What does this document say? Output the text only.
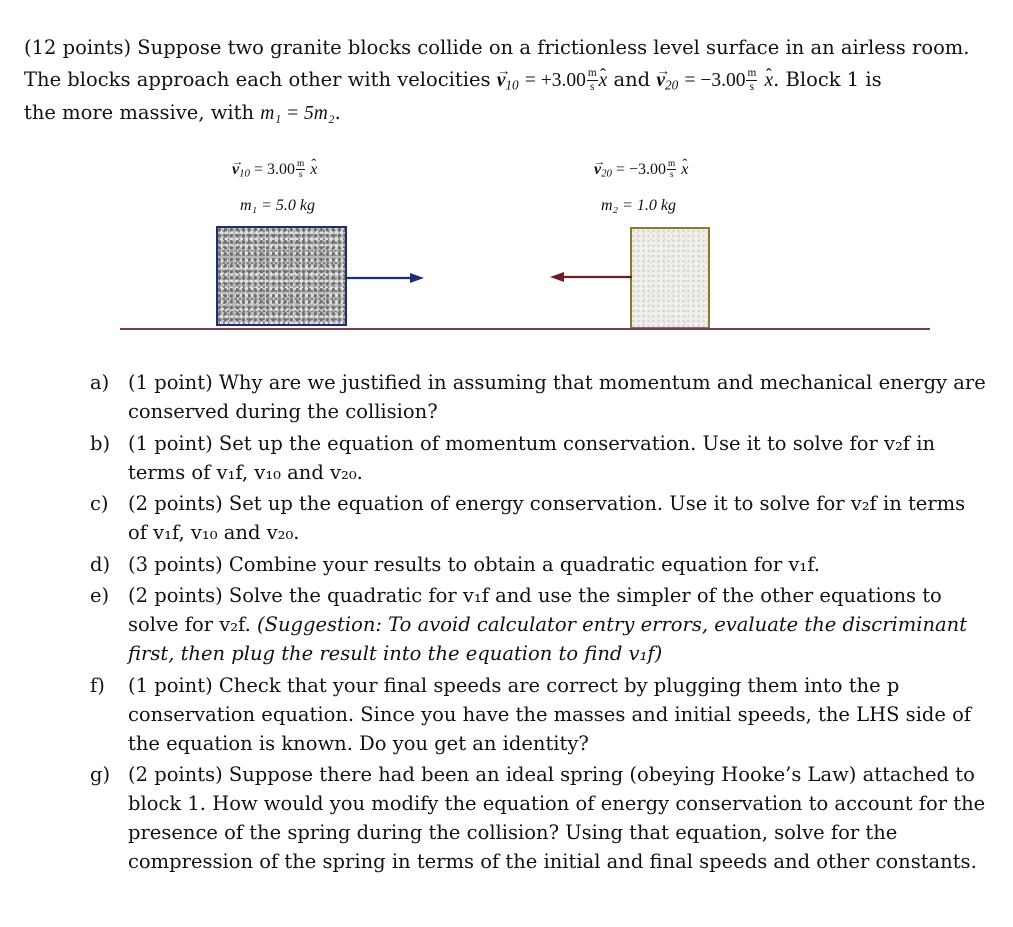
(12 points) Suppose two granite blocks collide on a frictionless level surface in an airless room.
The blocks approach each other with velocities → $v_{10} = +3.00 \frac{m}{s}$ ˆ x and → $v_{20} = -3.00 \frac{m}{s}$ ˆ x. Block 1 is
the more massive, with m₁ = 5m₂.
→ $v_{10} = 3.00 \frac{m}{s}$ ˆ x
m₁ = 5.0 kg
→ $v_{20} = -3.00 \frac{m}{s}$ ˆ x
m₂ = 1.0 kg
a) (1 point) Why are we justified in assuming that momentum and mechanical energy are conserved during the collision?
b) (1 point) Set up the equation of momentum conservation. Use it to solve for v₂f in terms of v₁f, v₁₀ and v₂₀.
c) (2 points) Set up the equation of energy conservation. Use it to solve for v₂f in terms of v₁f, v₁₀ and v₂₀.
d) (3 points) Combine your results to obtain a quadratic equation for v₁f.
e) (2 points) Solve the quadratic for v₁f and use the simpler of the other equations to solve for v₂f. (Suggestion: To avoid calculator entry errors, evaluate the discriminant first, then plug the result into the equation to find v₁f)
f) (1 point) Check that your final speeds are correct by plugging them into the p conservation equation. Since you have the masses and initial speeds, the LHS side of the equation is known. Do you get an identity?
g) (2 points) Suppose there had been an ideal spring (obeying Hooke’s Law) attached to block 1. How would you modify the equation of energy conservation to account for the presence of the spring during the collision? Using that equation, solve for the compression of the spring in terms of the initial and final speeds and other constants.
